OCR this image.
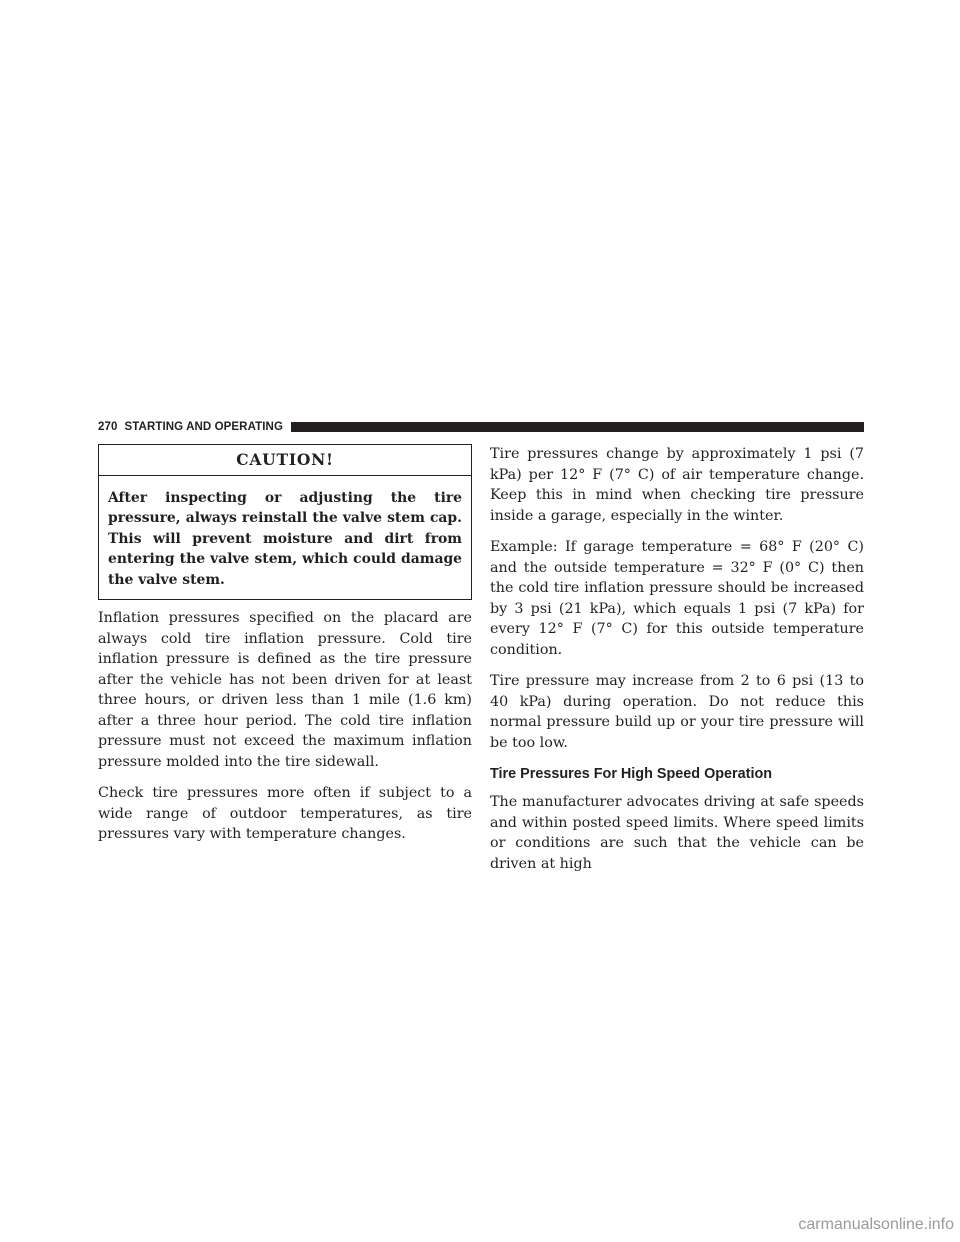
270 STARTING AND OPERATING
CAUTION!
After inspecting or adjusting the tire pressure, always reinstall the valve stem cap. This will prevent moisture and dirt from entering the valve stem, which could damage the valve stem.

Inflation pressures specified on the placard are always cold tire inflation pressure. Cold tire inflation pressure is defined as the tire pressure after the vehicle has not been driven for at least three hours, or driven less than 1 mile (1.6 km) after a three hour period. The cold tire inflation pressure must not exceed the maximum inflation pressure molded into the tire sidewall.

Check tire pressures more often if subject to a wide range of outdoor temperatures, as tire pressures vary with temperature changes.

Tire pressures change by approximately 1 psi (7 kPa) per 12° F (7° C) of air temperature change. Keep this in mind when checking tire pressure inside a garage, especially in the winter.

Example: If garage temperature = 68° F (20° C) and the outside temperature = 32° F (0° C) then the cold tire inflation pressure should be increased by 3 psi (21 kPa), which equals 1 psi (7 kPa) for every 12° F (7° C) for this outside temperature condition.

Tire pressure may increase from 2 to 6 psi (13 to 40 kPa) during operation. Do not reduce this normal pressure build up or your tire pressure will be too low.

Tire Pressures For High Speed Operation

The manufacturer advocates driving at safe speeds and within posted speed limits. Where speed limits or conditions are such that the vehicle can be driven at high

carmanualsonline.info
